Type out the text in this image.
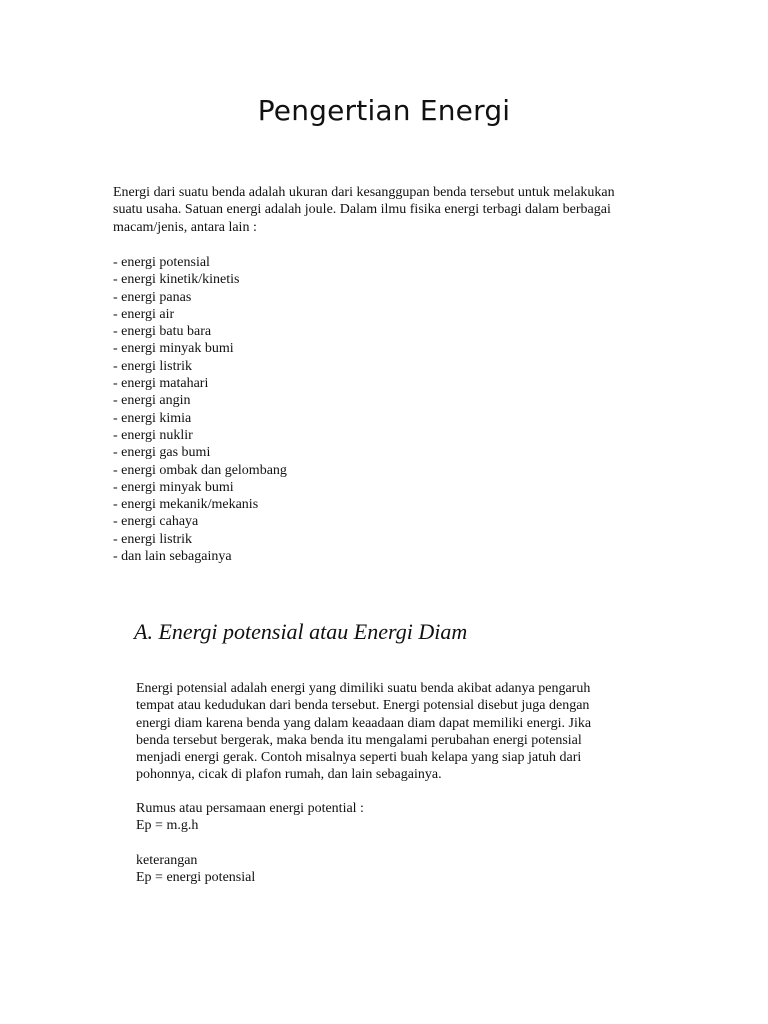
Pengertian Energi

Energi dari suatu benda adalah ukuran dari kesanggupan benda tersebut untuk melakukan
suatu usaha. Satuan energi adalah joule. Dalam ilmu fisika energi terbagi dalam berbagai
macam/jenis, antara lain :

- energi potensial
- energi kinetik/kinetis
- energi panas
- energi air
- energi batu bara
- energi minyak bumi
- energi listrik
- energi matahari
- energi angin
- energi kimia
- energi nuklir
- energi gas bumi
- energi ombak dan gelombang
- energi minyak bumi
- energi mekanik/mekanis
- energi cahaya
- energi listrik
- dan lain sebagainya
A. Energi potensial atau Energi Diam

Energi potensial adalah energi yang dimiliki suatu benda akibat adanya pengaruh
tempat atau kedudukan dari benda tersebut. Energi potensial disebut juga dengan
energi diam karena benda yang dalam keaadaan diam dapat memiliki energi. Jika
benda tersebut bergerak, maka benda itu mengalami perubahan energi potensial
menjadi energi gerak. Contoh misalnya seperti buah kelapa yang siap jatuh dari
pohonnya, cicak di plafon rumah, dan lain sebagainya.

Rumus atau persamaan energi potential :
Ep = m.g.h

keterangan
Ep = energi potensial
